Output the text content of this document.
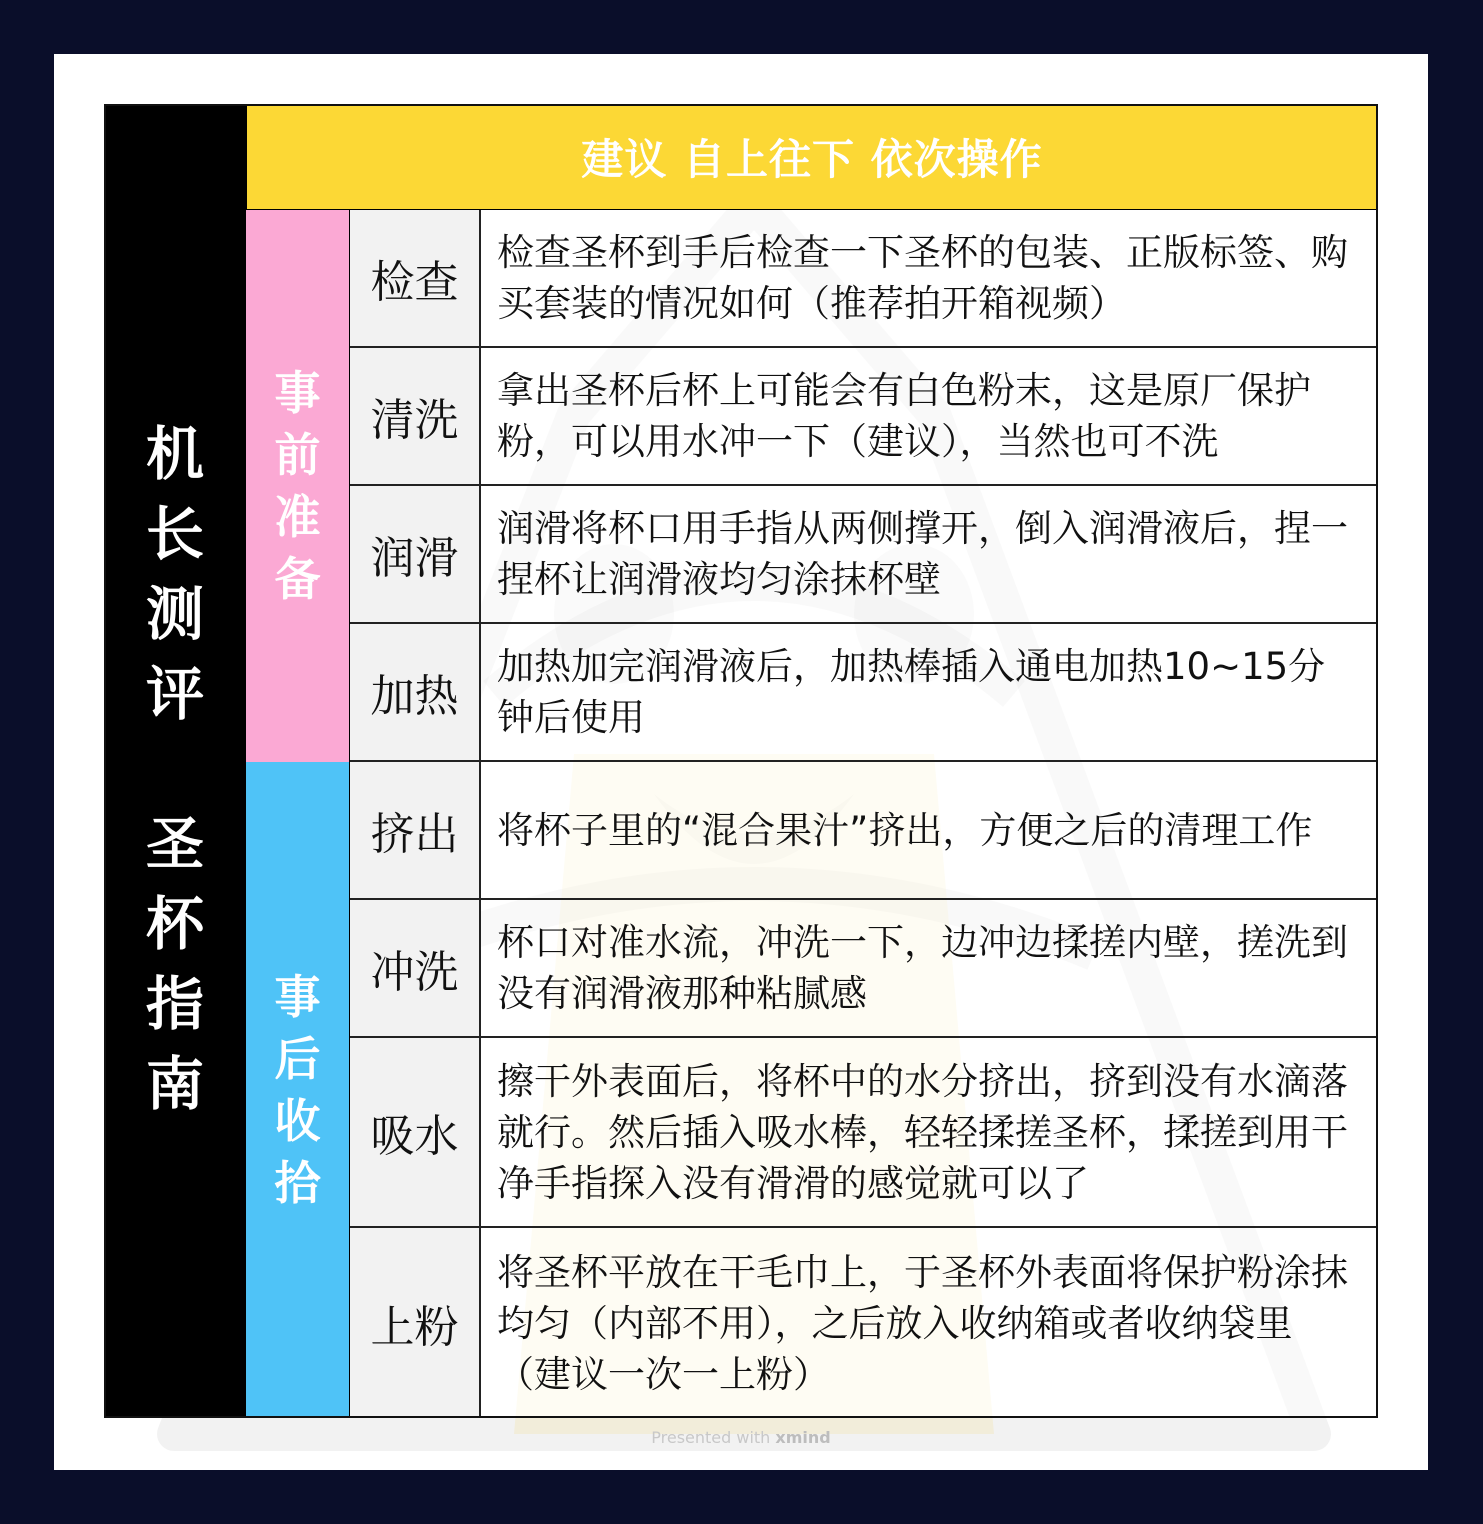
机
长
测
评
圣
杯
指
南
建议 自上往下 依次操作
事
前
准
备
事
后
收
拾
检查
检查圣杯到手后检查一下圣杯的包装、正版标签、购买套装的情况如何（推荐拍开箱视频）
清洗
拿出圣杯后杯上可能会有白色粉末，这是原厂保护粉，可以用水冲一下（建议），当然也可不洗
润滑
润滑将杯口用手指从两侧撑开，倒入润滑液后，捏一捏杯让润滑液均匀涂抹杯壁
加热
加热加完润滑液后，加热棒插入通电加热10~15分钟后使用
挤出	将杯子里的“混合果汁”挤出，方便之后的清理工作
冲洗
杯口对准水流，冲洗一下，边冲边揉搓内壁，搓洗到没有润滑液那种粘腻感
吸水
擦干外表面后，将杯中的水分挤出，挤到没有水滴落就行。然后插入吸水棒，轻轻揉搓圣杯，揉搓到用干净手指探入没有滑滑的感觉就可以了
上粉
将圣杯平放在干毛巾上，于圣杯外表面将保护粉涂抹均匀（内部不用），之后放入收纳箱或者收纳袋里（建议一次一上粉）
Presented with xmind
